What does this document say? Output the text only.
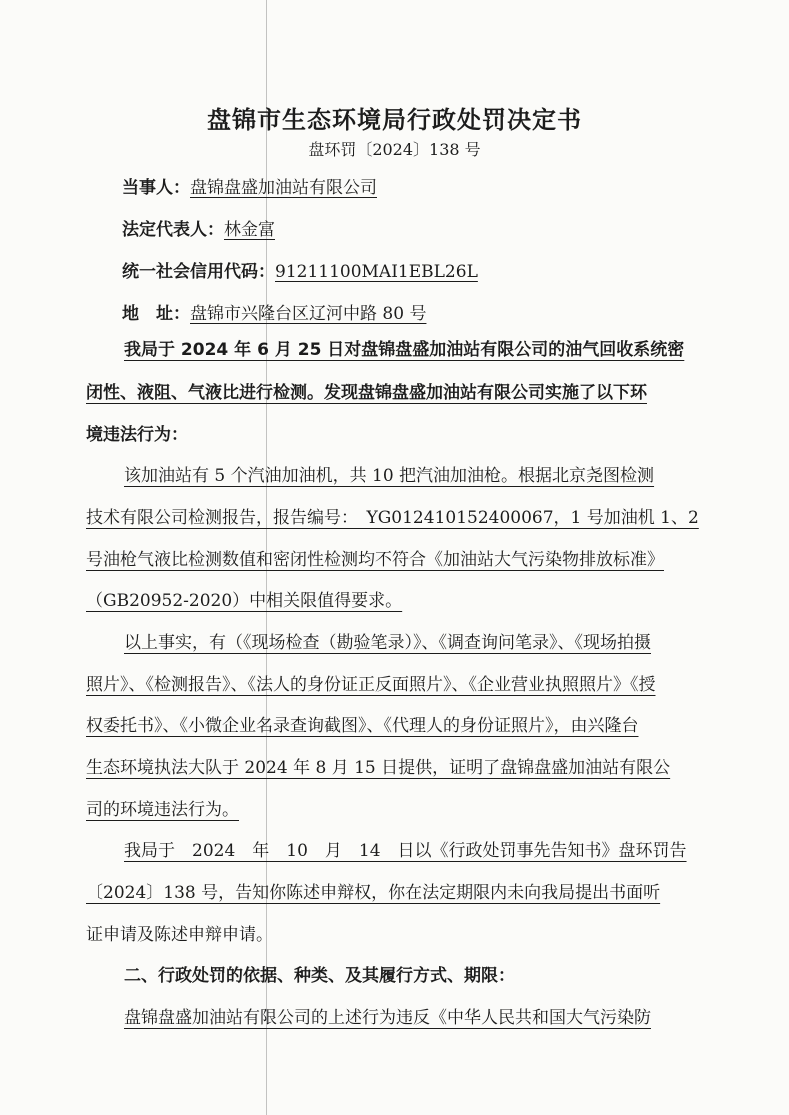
盘锦市生态环境局行政处罚决定书
盘环罚〔2024〕138 号
当事人：盘锦盘盛加油站有限公司
法定代表人：林金富
统一社会信用代码：91211100MAI1EBL26L
地　址：盘锦市兴隆台区辽河中路 80 号
我局于 2024 年 6 月 25 日对盘锦盘盛加油站有限公司的油气回收系统密
闭性、液阻、气液比进行检测。发现盘锦盘盛加油站有限公司实施了以下环
境违法行为：
该加油站有 5 个汽油加油机，共 10 把汽油加油枪。根据北京尧图检测
技术有限公司检测报告，报告编号：　YG012410152400067，1 号加油机 1、2
号油枪气液比检测数值和密闭性检测均不符合《加油站大气污染物排放标准》
（GB20952-2020）中相关限值得要求。
以上事实，有（《现场检查（勘验笔录）》、《调查询问笔录》、《现场拍摄
照片》、《检测报告》、《法人的身份证正反面照片》、《企业营业执照照片》《授
权委托书》、《小微企业名录查询截图》、《代理人的身份证照片》，由兴隆台
生态环境执法大队于 2024 年 8 月 15 日提供，证明了盘锦盘盛加油站有限公
司的环境违法行为。
我局于　2024　年　10　月　14　日以《行政处罚事先告知书》盘环罚告
〔2024〕138 号，告知你陈述申辩权，你在法定期限内未向我局提出书面听
证申请及陈述申辩申请。
二、行政处罚的依据、种类、及其履行方式、期限：
盘锦盘盛加油站有限公司的上述行为违反《中华人民共和国大气污染防
